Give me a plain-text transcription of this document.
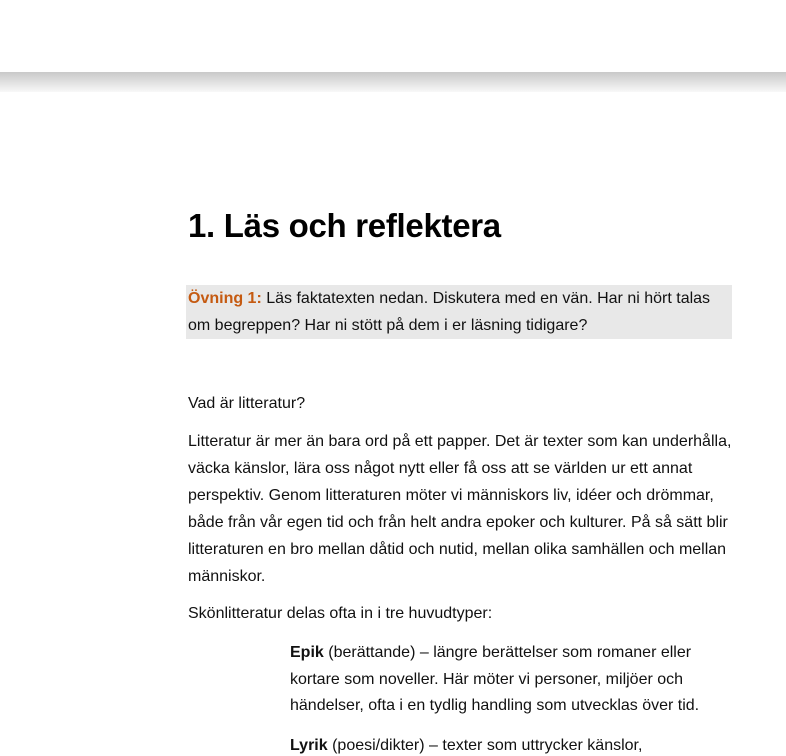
1. Läs och reflektera
Övning 1: Läs faktatexten nedan. Diskutera med en vän. Har ni hört talas om begreppen? Har ni stött på dem i er läsning tidigare?

Vad är litteratur?

Litteratur är mer än bara ord på ett papper. Det är texter som kan underhålla, väcka känslor, lära oss något nytt eller få oss att se världen ur ett annat perspektiv. Genom litteraturen möter vi människors liv, idéer och drömmar, både från vår egen tid och från helt andra epoker och kulturer. På så sätt blir litteraturen en bro mellan dåtid och nutid, mellan olika samhällen och mellan människor.

Skönlitteratur delas ofta in i tre huvudtyper:

Epik (berättande) – längre berättelser som romaner eller kortare som noveller. Här möter vi personer, miljöer och händelser, ofta i en tydlig handling som utvecklas över tid.

Lyrik (poesi/dikter) – texter som uttrycker känslor,
